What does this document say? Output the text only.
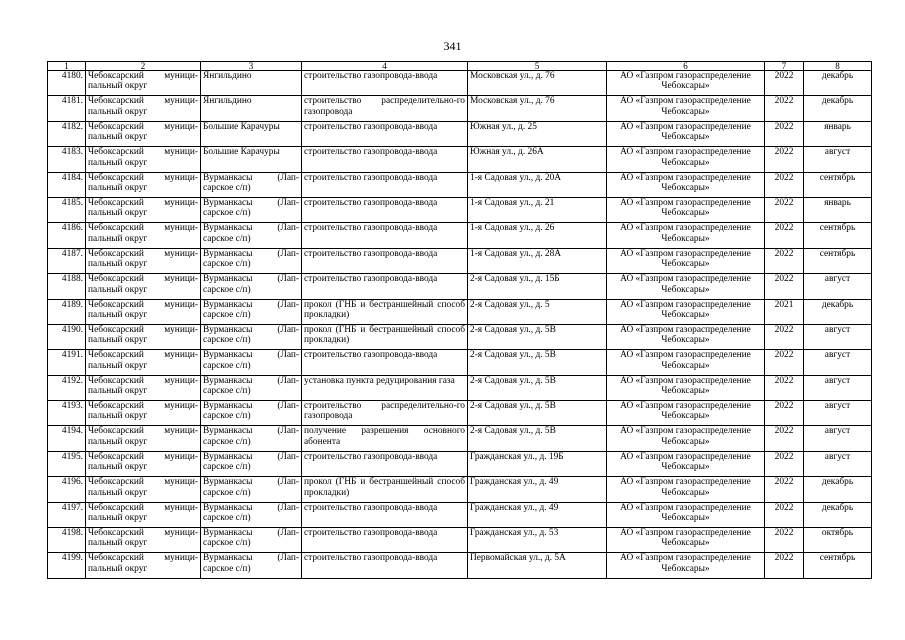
341
1	2	3	4	5	6	7	8
4180.	Чебоксарский муници-пальный округ	Янгильдино	строительство газопровода-ввода	Московская ул., д. 76	АО «Газпром газораспределение Чебоксары»	2022	декабрь
4181.	Чебоксарский муници-пальный округ	Янгильдино	строительство распределительно-го газопровода	Московская ул., д. 76	АО «Газпром газораспределение Чебоксары»	2022	декабрь
4182.	Чебоксарский муници-пальный округ	Большие Карачуры	строительство газопровода-ввода	Южная ул., д. 25	АО «Газпром газораспределение Чебоксары»	2022	январь
4183.	Чебоксарский муници-пальный округ	Большие Карачуры	строительство газопровода-ввода	Южная ул., д. 26А	АО «Газпром газораспределение Чебоксары»	2022	август
4184.	Чебоксарский муници-пальный округ	Вурманкасы (Лап-сарское с/п)	строительство газопровода-ввода	1-я Садовая ул., д. 20А	АО «Газпром газораспределение Чебоксары»	2022	сентябрь
4185.	Чебоксарский муници-пальный округ	Вурманкасы (Лап-сарское с/п)	строительство газопровода-ввода	1-я Садовая ул., д. 21	АО «Газпром газораспределение Чебоксары»	2022	январь
4186.	Чебоксарский муници-пальный округ	Вурманкасы (Лап-сарское с/п)	строительство газопровода-ввода	1-я Садовая ул., д. 26	АО «Газпром газораспределение Чебоксары»	2022	сентябрь
4187.	Чебоксарский муници-пальный округ	Вурманкасы (Лап-сарское с/п)	строительство газопровода-ввода	1-я Садовая ул., д. 28А	АО «Газпром газораспределение Чебоксары»	2022	сентябрь
4188.	Чебоксарский муници-пальный округ	Вурманкасы (Лап-сарское с/п)	строительство газопровода-ввода	2-я Садовая ул., д. 15Б	АО «Газпром газораспределение Чебоксары»	2022	август
4189.	Чебоксарский муници-пальный округ	Вурманкасы (Лап-сарское с/п)	прокол (ГНБ и бестраншейный способ прокладки)	2-я Садовая ул., д. 5	АО «Газпром газораспределение Чебоксары»	2021	декабрь
4190.	Чебоксарский муници-пальный округ	Вурманкасы (Лап-сарское с/п)	прокол (ГНБ и бестраншейный способ прокладки)	2-я Садовая ул., д. 5В	АО «Газпром газораспределение Чебоксары»	2022	август
4191.	Чебоксарский муници-пальный округ	Вурманкасы (Лап-сарское с/п)	строительство газопровода-ввода	2-я Садовая ул., д. 5В	АО «Газпром газораспределение Чебоксары»	2022	август
4192.	Чебоксарский муници-пальный округ	Вурманкасы (Лап-сарское с/п)	установка пункта редуцирования газа	2-я Садовая ул., д. 5В	АО «Газпром газораспределение Чебоксары»	2022	август
4193.	Чебоксарский муници-пальный округ	Вурманкасы (Лап-сарское с/п)	строительство распределительно-го газопровода	2-я Садовая ул., д. 5В	АО «Газпром газораспределение Чебоксары»	2022	август
4194.	Чебоксарский муници-пальный округ	Вурманкасы (Лап-сарское с/п)	получение разрешения основного абонента	2-я Садовая ул., д. 5В	АО «Газпром газораспределение Чебоксары»	2022	август
4195.	Чебоксарский муници-пальный округ	Вурманкасы (Лап-сарское с/п)	строительство газопровода-ввода	Гражданская ул., д. 19Б	АО «Газпром газораспределение Чебоксары»	2022	август
4196.	Чебоксарский муници-пальный округ	Вурманкасы (Лап-сарское с/п)	прокол (ГНБ и бестраншейный способ прокладки)	Гражданская ул., д. 49	АО «Газпром газораспределение Чебоксары»	2022	декабрь
4197.	Чебоксарский муници-пальный округ	Вурманкасы (Лап-сарское с/п)	строительство газопровода-ввода	Гражданская ул., д. 49	АО «Газпром газораспределение Чебоксары»	2022	декабрь
4198.	Чебоксарский муници-пальный округ	Вурманкасы (Лап-сарское с/п)	строительство газопровода-ввода	Гражданская ул., д. 53	АО «Газпром газораспределение Чебоксары»	2022	октябрь
4199.	Чебоксарский муници-пальный округ	Вурманкасы (Лап-сарское с/п)	строительство газопровода-ввода	Первомайская ул., д. 5А	АО «Газпром газораспределение Чебоксары»	2022	сентябрь
